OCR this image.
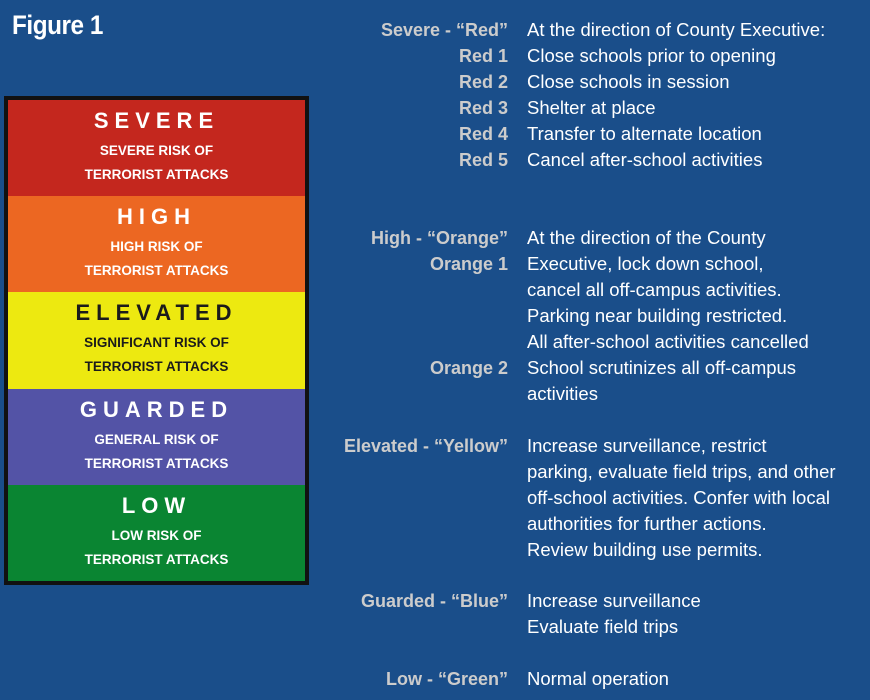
Figure 1
SEVERE
SEVERE RISK OF
TERRORIST ATTACKS
HIGH
HIGH RISK OF
TERRORIST ATTACKS
ELEVATED
SIGNIFICANT RISK OF
TERRORIST ATTACKS
GUARDED
GENERAL RISK OF
TERRORIST ATTACKS
LOW
LOW RISK OF
TERRORIST ATTACKS
Severe - “Red” At the direction of County Executive:
Red 1 Close schools prior to opening
Red 2 Close schools in session
Red 3 Shelter at place
Red 4 Transfer to alternate location
Red 5 Cancel after-school activities
High - “Orange” At the direction of the County
Orange 1 Executive, lock down school,
cancel all off-campus activities.
Parking near building restricted.
All after-school activities cancelled
Orange 2 School scrutinizes all off-campus
activities
Elevated - “Yellow” Increase surveillance, restrict
parking, evaluate field trips, and other
off-school activities. Confer with local
authorities for further actions.
Review building use permits.
Guarded - “Blue” Increase surveillance
Evaluate field trips
Low - “Green” Normal operation
